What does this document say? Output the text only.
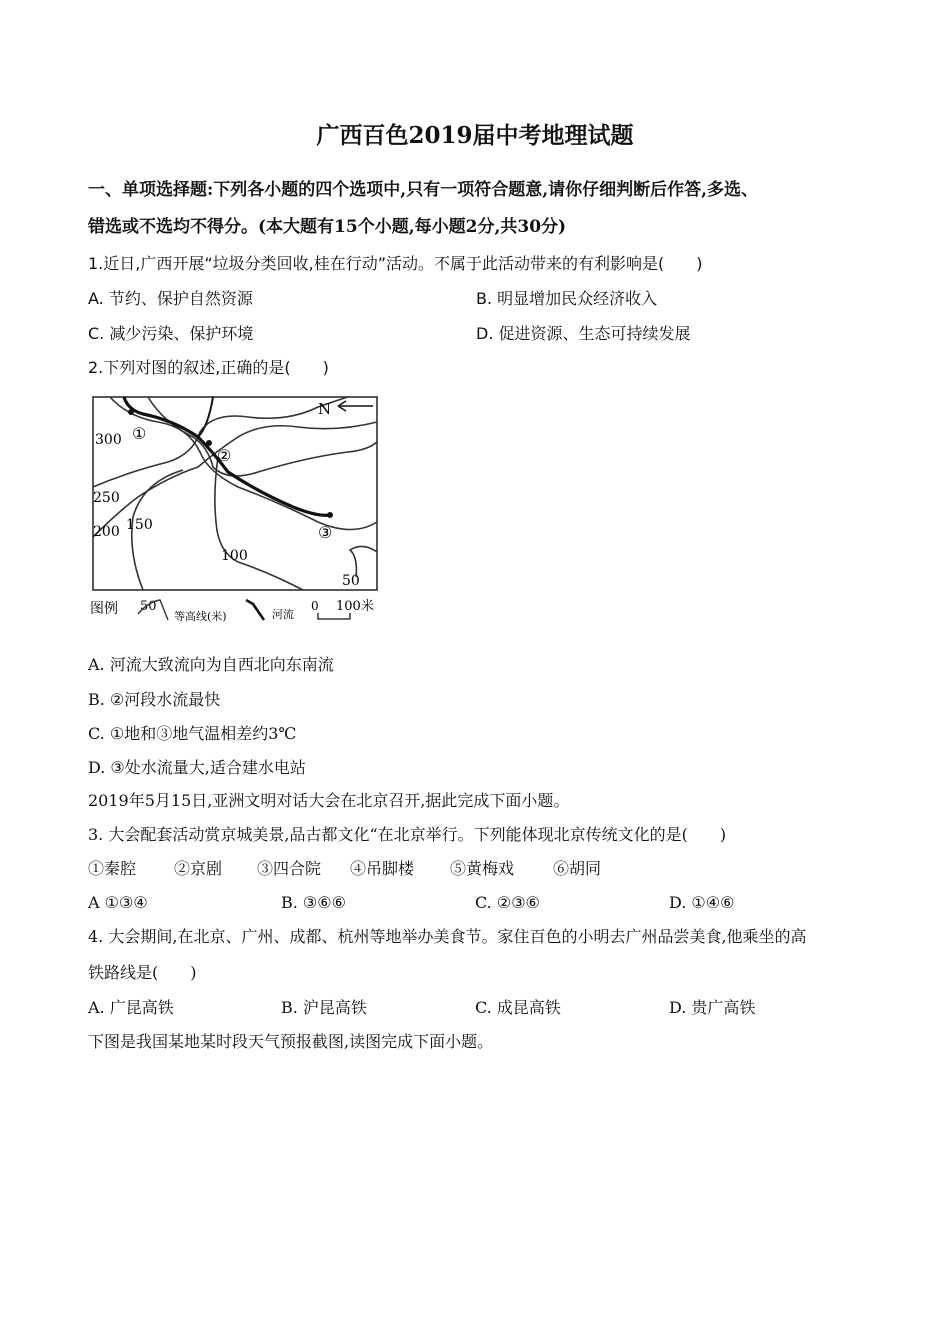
广西百色2019届中考地理试题
一、单项选择题:下列各小题的四个选项中,只有一项符合题意,请你仔细判断后作答,多选、
错选或不选均不得分。(本大题有15个小题,每小题2分,共30分)
1.近日,广西开展“垃圾分类回收,桂在行动”活动。不属于此活动带来的有利影响是(　　)
A. 节约、保护自然资源	B. 明显增加民众经济收入
C. 减少污染、保护环境	D. 促进资源、生态可持续发展
2.下列对图的叙述,正确的是(　　)
N
300
250
200 150
100
50
①
②
③
图例 50
等高线(米)	河流
0 100米
A. 河流大致流向为自西北向东南流
B. ②河段水流最快
C. ①地和③地气温相差约3℃
D. ③处水流量大,适合建水电站
2019年5月15日,亚洲文明对话大会在北京召开,据此完成下面小题。
3. 大会配套活动赏京城美景,品古都文化“在北京举行。下列能体现北京传统文化的是(　　)
①秦腔 ②京剧 ③四合院 ④吊脚楼 ⑤黄梅戏 ⑥胡同
A ①③④	B. ③⑥⑥	C. ②③⑥	D. ①④⑥
4. 大会期间,在北京、广州、成都、杭州等地举办美食节。家住百色的小明去广州品尝美食,他乘坐的高
铁路线是(　　)
A. 广昆高铁	B. 沪昆高铁	C. 成昆高铁	D. 贵广高铁
下图是我国某地某时段天气预报截图,读图完成下面小题。
